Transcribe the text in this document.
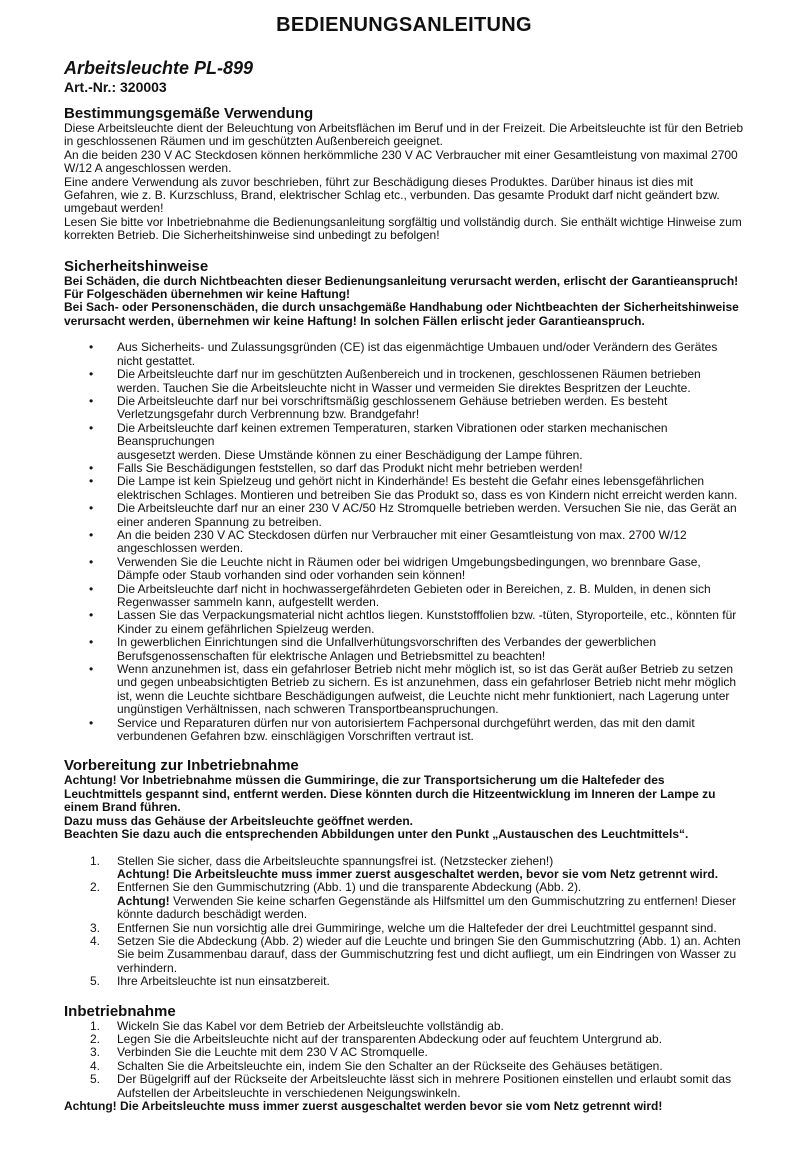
BEDIENUNGSANLEITUNG
Arbeitsleuchte PL-899
Art.-Nr.: 320003
Bestimmungsgemäße Verwendung

Diese Arbeitsleuchte dient der Beleuchtung von Arbeitsflächen im Beruf und in der Freizeit. Die Arbeitsleuchte ist für den Betrieb in geschlossenen Räumen und im geschützten Außenbereich geeignet.

An die beiden 230 V AC Steckdosen können herkömmliche 230 V AC Verbraucher mit einer Gesamtleistung von maximal 2700 W/12 A angeschlossen werden.

Eine andere Verwendung als zuvor beschrieben, führt zur Beschädigung dieses Produktes. Darüber hinaus ist dies mit Gefahren, wie z. B. Kurzschluss, Brand, elektrischer Schlag etc., verbunden. Das gesamte Produkt darf nicht geändert bzw. umgebaut werden!

Lesen Sie bitte vor Inbetriebnahme die Bedienungsanleitung sorgfältig und vollständig durch. Sie enthält wichtige Hinweise zum korrekten Betrieb. Die Sicherheitshinweise sind unbedingt zu befolgen!

Sicherheitshinweise

Bei Schäden, die durch Nichtbeachten dieser Bedienungsanleitung verursacht werden, erlischt der Garantieanspruch!

Für Folgeschäden übernehmen wir keine Haftung!

Bei Sach- oder Personenschäden, die durch unsachgemäße Handhabung oder Nichtbeachten der Sicherheitshinweise verursacht werden, übernehmen wir keine Haftung! In solchen Fällen erlischt jeder Garantieanspruch.

• Aus Sicherheits- und Zulassungsgründen (CE) ist das eigenmächtige Umbauen und/oder Verändern des Gerätes nicht gestattet.
• Die Arbeitsleuchte darf nur im geschützten Außenbereich und in trockenen, geschlossenen Räumen betrieben werden. Tauchen Sie die Arbeitsleuchte nicht in Wasser und vermeiden Sie direktes Bespritzen der Leuchte.
• Die Arbeitsleuchte darf nur bei vorschriftsmäßig geschlossenem Gehäuse betrieben werden. Es besteht Verletzungsgefahr durch Verbrennung bzw. Brandgefahr!
• Die Arbeitsleuchte darf keinen extremen Temperaturen, starken Vibrationen oder starken mechanischen Beanspruchungen
ausgesetzt werden. Diese Umstände können zu einer Beschädigung der Lampe führen.
• Falls Sie Beschädigungen feststellen, so darf das Produkt nicht mehr betrieben werden!
• Die Lampe ist kein Spielzeug und gehört nicht in Kinderhände! Es besteht die Gefahr eines lebensgefährlichen elektrischen Schlages. Montieren und betreiben Sie das Produkt so, dass es von Kindern nicht erreicht werden kann.
• Die Arbeitsleuchte darf nur an einer 230 V AC/50 Hz Stromquelle betrieben werden. Versuchen Sie nie, das Gerät an einer anderen Spannung zu betreiben.
• An die beiden 230 V AC Steckdosen dürfen nur Verbraucher mit einer Gesamtleistung von max. 2700 W/12 angeschlossen werden.
• Verwenden Sie die Leuchte nicht in Räumen oder bei widrigen Umgebungsbedingungen, wo brennbare Gase, Dämpfe oder Staub vorhanden sind oder vorhanden sein können!
• Die Arbeitsleuchte darf nicht in hochwassergefährdeten Gebieten oder in Bereichen, z. B. Mulden, in denen sich Regenwasser sammeln kann, aufgestellt werden.
• Lassen Sie das Verpackungsmaterial nicht achtlos liegen. Kunststofffolien bzw. -tüten, Styroporteile, etc., könnten für Kinder zu einem gefährlichen Spielzeug werden.
• In gewerblichen Einrichtungen sind die Unfallverhütungsvorschriften des Verbandes der gewerblichen Berufsgenossenschaften für elektrische Anlagen und Betriebsmittel zu beachten!
• Wenn anzunehmen ist, dass ein gefahrloser Betrieb nicht mehr möglich ist, so ist das Gerät außer Betrieb zu setzen und gegen unbeabsichtigten Betrieb zu sichern. Es ist anzunehmen, dass ein gefahrloser Betrieb nicht mehr möglich ist, wenn die Leuchte sichtbare Beschädigungen aufweist, die Leuchte nicht mehr funktioniert, nach Lagerung unter ungünstigen Verhältnissen, nach schweren Transportbeanspruchungen.
• Service und Reparaturen dürfen nur von autorisiertem Fachpersonal durchgeführt werden, das mit den damit verbundenen Gefahren bzw. einschlägigen Vorschriften vertraut ist.
Vorbereitung zur Inbetriebnahme

Achtung! Vor Inbetriebnahme müssen die Gummiringe, die zur Transportsicherung um die Haltefeder des Leuchtmittels gespannt sind, entfernt werden. Diese könnten durch die Hitzeentwicklung im Inneren der Lampe zu einem Brand führen.

Dazu muss das Gehäuse der Arbeitsleuchte geöffnet werden.

Beachten Sie dazu auch die entsprechenden Abbildungen unter den Punkt „Austauschen des Leuchtmittels“.

1. Stellen Sie sicher, dass die Arbeitsleuchte spannungsfrei ist. (Netzstecker ziehen!)
Achtung! Die Arbeitsleuchte muss immer zuerst ausgeschaltet werden, bevor sie vom Netz getrennt wird.
2. Entfernen Sie den Gummischutzring (Abb. 1) und die transparente Abdeckung (Abb. 2).
Achtung! Verwenden Sie keine scharfen Gegenstände als Hilfsmittel um den Gummischutzring zu entfernen! Dieser könnte dadurch beschädigt werden.
3. Entfernen Sie nun vorsichtig alle drei Gummiringe, welche um die Haltefeder der drei Leuchtmittel gespannt sind.
4. Setzen Sie die Abdeckung (Abb. 2) wieder auf die Leuchte und bringen Sie den Gummischutzring (Abb. 1) an. Achten Sie beim Zusammenbau darauf, dass der Gummischutzring fest und dicht aufliegt, um ein Eindringen von Wasser zu verhindern.
5. Ihre Arbeitsleuchte ist nun einsatzbereit.
Inbetriebnahme
1. Wickeln Sie das Kabel vor dem Betrieb der Arbeitsleuchte vollständig ab.
2. Legen Sie die Arbeitsleuchte nicht auf der transparenten Abdeckung oder auf feuchtem Untergrund ab.
3. Verbinden Sie die Leuchte mit dem 230 V AC Stromquelle.
4. Schalten Sie die Arbeitsleuchte ein, indem Sie den Schalter an der Rückseite des Gehäuses betätigen.
5. Der Bügelgriff auf der Rückseite der Arbeitsleuchte lässt sich in mehrere Positionen einstellen und erlaubt somit das Aufstellen der Arbeitsleuchte in verschiedenen Neigungswinkeln.

Achtung! Die Arbeitsleuchte muss immer zuerst ausgeschaltet werden bevor sie vom Netz getrennt wird!
